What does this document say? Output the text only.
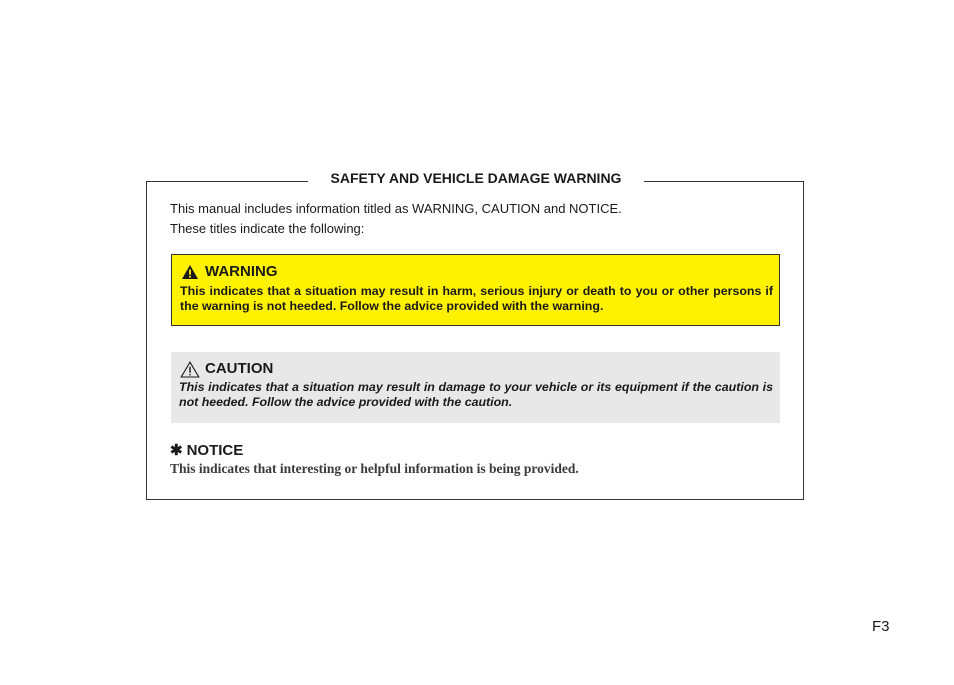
SAFETY AND VEHICLE DAMAGE WARNING
This manual includes information titled as WARNING, CAUTION and NOTICE.
These titles indicate the following:
WARNING
This indicates that a situation may result in harm, serious injury or death to you or other persons if the warning is not heeded. Follow the advice provided with the warning.
CAUTION
This indicates that a situation may result in damage to your vehicle or its equipment if the caution is not heeded. Follow the advice provided with the caution.
✱ NOTICE
This indicates that interesting or helpful information is being provided.
F3
